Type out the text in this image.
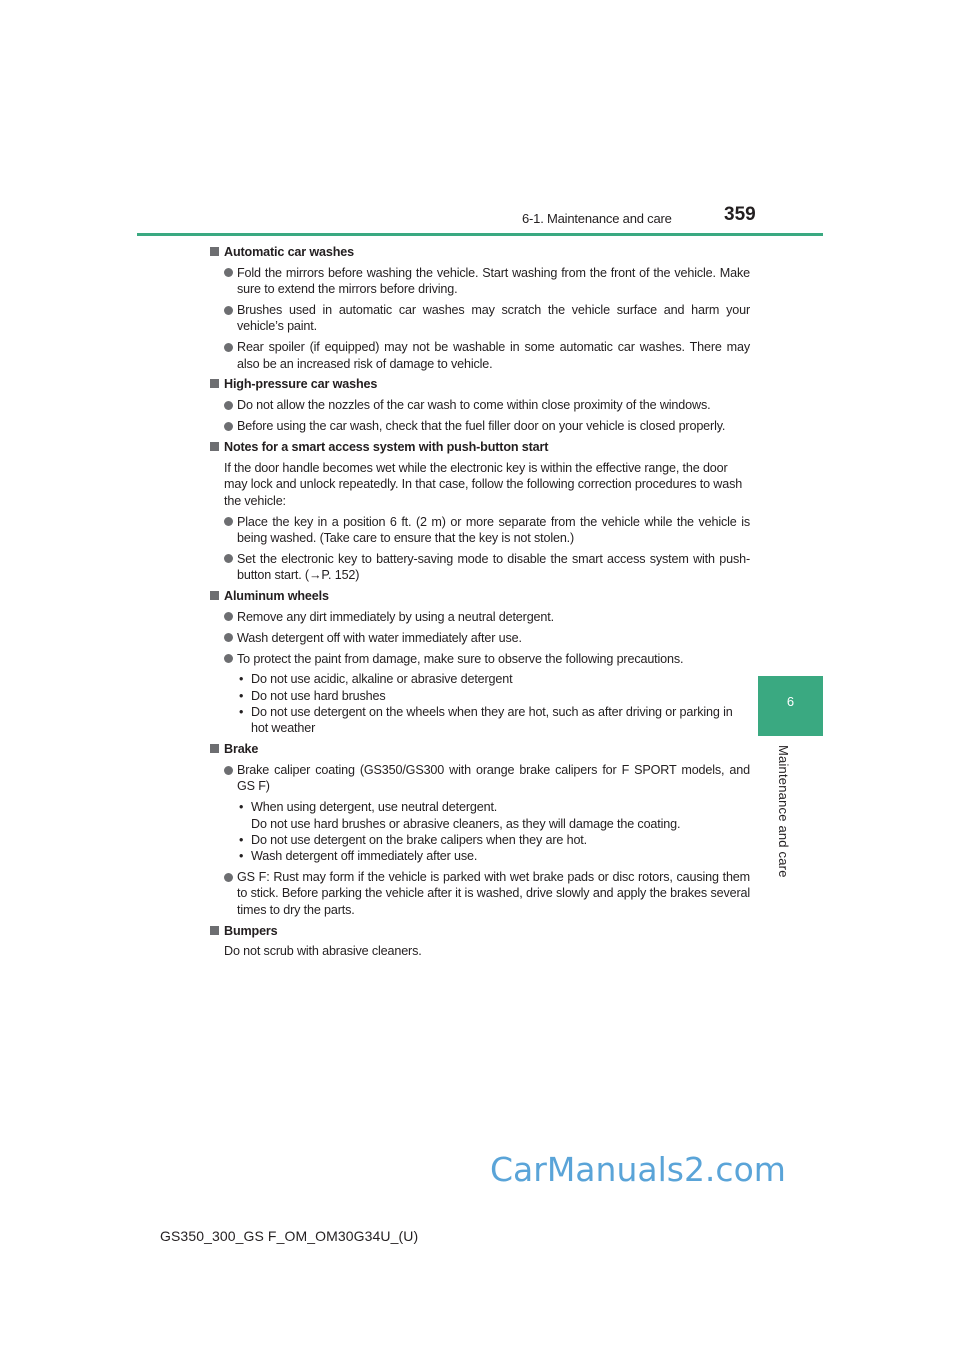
6-1. Maintenance and care	359
6
Maintenance and care
Automatic car washes
Fold the mirrors before washing the vehicle. Start washing from the front of the vehicle. Make sure to extend the mirrors before driving.
Brushes used in automatic car washes may scratch the vehicle surface and harm your vehicle’s paint.
Rear spoiler (if equipped) may not be washable in some automatic car washes. There may also be an increased risk of damage to vehicle.
High-pressure car washes
Do not allow the nozzles of the car wash to come within close proximity of the windows.
Before using the car wash, check that the fuel filler door on your vehicle is closed properly.
Notes for a smart access system with push-button start
If the door handle becomes wet while the electronic key is within the effective range, the door may lock and unlock repeatedly. In that case, follow the following correction procedures to wash the vehicle:
Place the key in a position 6 ft. (2 m) or more separate from the vehicle while the vehicle is being washed. (Take care to ensure that the key is not stolen.)
Set the electronic key to battery-saving mode to disable the smart access system with push-button start. (→P. 152)
Aluminum wheels
Remove any dirt immediately by using a neutral detergent.
Wash detergent off with water immediately after use.
To protect the paint from damage, make sure to observe the following precautions.
• Do not use acidic, alkaline or abrasive detergent
• Do not use hard brushes
• Do not use detergent on the wheels when they are hot, such as after driving or parking in hot weather
Brake
Brake caliper coating (GS350/GS300 with orange brake calipers for F SPORT models, and GS F)
• When using detergent, use neutral detergent.
Do not use hard brushes or abrasive cleaners, as they will damage the coating.
• Do not use detergent on the brake calipers when they are hot.
• Wash detergent off immediately after use.
GS F: Rust may form if the vehicle is parked with wet brake pads or disc rotors, causing them to stick. Before parking the vehicle after it is washed, drive slowly and apply the brakes several times to dry the parts.
Bumpers
Do not scrub with abrasive cleaners.
GS350_300_GS F_OM_OM30G34U_(U)
CarManuals2.com
